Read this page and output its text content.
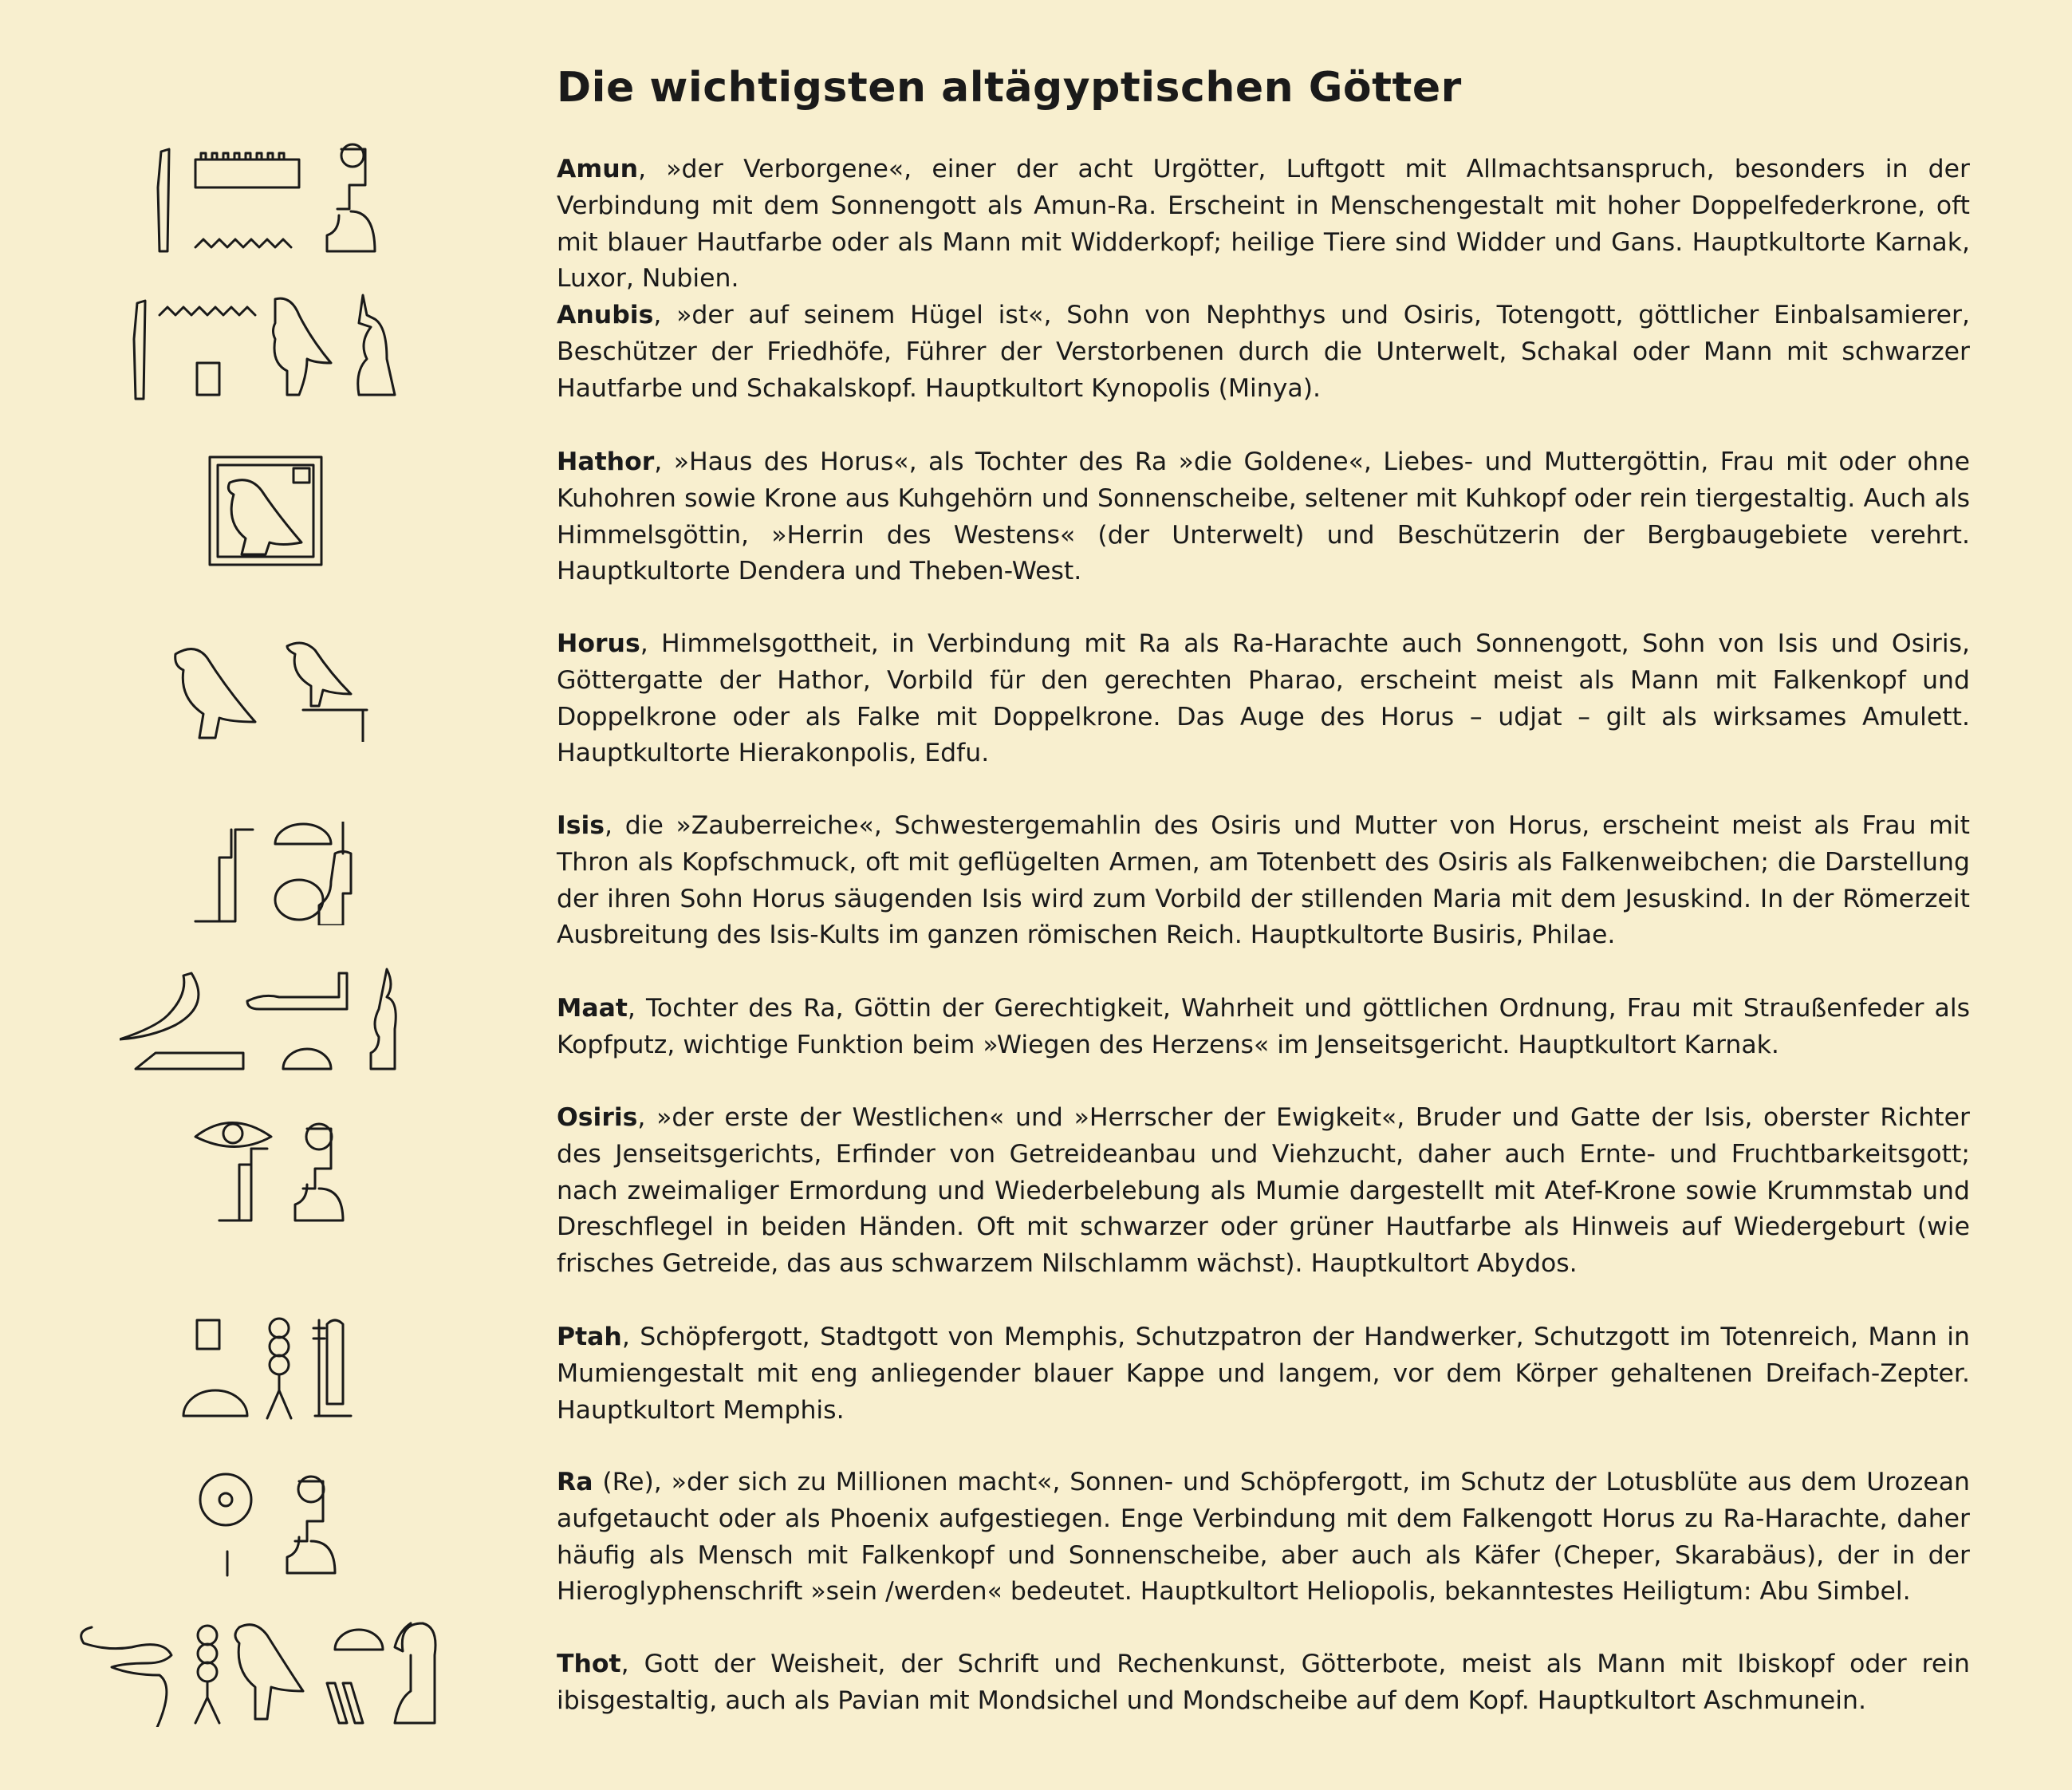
Die wichtigsten altägyptischen Götter

Amun, »der Verborgene«, einer der acht Urgötter, Luftgott mit Allmachtsanspruch, besonders in der Verbindung mit dem Sonnengott als Amun-Ra. Erscheint in Menschengestalt mit hoher Doppelfederkrone, oft mit blauer Hautfarbe oder als Mann mit Widderkopf; heilige Tiere sind Widder und Gans. Hauptkultorte Karnak, Luxor, Nubien.

Anubis, »der auf seinem Hügel ist«, Sohn von Nephthys und Osiris, Totengott, göttlicher Einbalsamierer, Beschützer der Friedhöfe, Führer der Verstorbenen durch die Unterwelt, Schakal oder Mann mit schwarzer Hautfarbe und Schakalskopf. Hauptkultort Kynopolis (Minya).

Hathor, »Haus des Horus«, als Tochter des Ra »die Goldene«, Liebes- und Muttergöttin, Frau mit oder ohne Kuhohren sowie Krone aus Kuhgehörn und Sonnenscheibe, seltener mit Kuhkopf oder rein tiergestaltig. Auch als Himmelsgöttin, »Herrin des Westens« (der Unterwelt) und Beschützerin der Bergbaugebiete verehrt. Hauptkultorte Dendera und Theben-West.

Horus, Himmelsgottheit, in Verbindung mit Ra als Ra-Harachte auch Sonnengott, Sohn von Isis und Osiris, Göttergatte der Hathor, Vorbild für den gerechten Pharao, erscheint meist als Mann mit Falkenkopf und Doppelkrone oder als Falke mit Doppelkrone. Das Auge des Horus – udjat – gilt als wirksames Amulett. Hauptkultorte Hierakonpolis, Edfu.

Isis, die »Zauberreiche«, Schwestergemahlin des Osiris und Mutter von Horus, erscheint meist als Frau mit Thron als Kopfschmuck, oft mit geflügelten Armen, am Totenbett des Osiris als Falkenweibchen; die Darstellung der ihren Sohn Horus säugenden Isis wird zum Vorbild der stillenden Maria mit dem Jesuskind. In der Römerzeit Ausbreitung des Isis-Kults im ganzen römischen Reich. Hauptkultorte Busiris, Philae.

Maat, Tochter des Ra, Göttin der Gerechtigkeit, Wahrheit und göttlichen Ordnung, Frau mit Straußenfeder als Kopfputz, wichtige Funktion beim »Wiegen des Herzens« im Jenseitsgericht. Hauptkultort Karnak.

Osiris, »der erste der Westlichen« und »Herrscher der Ewigkeit«, Bruder und Gatte der Isis, oberster Richter des Jenseitsgerichts, Erfinder von Getreideanbau und Viehzucht, daher auch Ernte- und Fruchtbarkeitsgott; nach zweimaliger Ermordung und Wiederbelebung als Mumie dargestellt mit Atef-Krone sowie Krummstab und Dreschflegel in beiden Händen. Oft mit schwarzer oder grüner Hautfarbe als Hinweis auf Wiedergeburt (wie frisches Getreide, das aus schwarzem Nilschlamm wächst). Hauptkultort Abydos.

Ptah, Schöpfergott, Stadtgott von Memphis, Schutzpatron der Handwerker, Schutzgott im Totenreich, Mann in Mumiengestalt mit eng anliegender blauer Kappe und langem, vor dem Körper gehaltenen Dreifach-Zepter. Hauptkultort Memphis.

Ra (Re), »der sich zu Millionen macht«, Sonnen- und Schöpfergott, im Schutz der Lotusblüte aus dem Urozean aufgetaucht oder als Phoenix aufgestiegen. Enge Verbindung mit dem Falkengott Horus zu Ra-Harachte, daher häufig als Mensch mit Falkenkopf und Sonnenscheibe, aber auch als Käfer (Cheper, Skarabäus), der in der Hieroglyphenschrift »sein /werden« bedeutet. Hauptkultort Heliopolis, bekanntestes Heiligtum: Abu Simbel.

Thot, Gott der Weisheit, der Schrift und Rechenkunst, Götterbote, meist als Mann mit Ibiskopf oder rein ibisgestaltig, auch als Pavian mit Mondsichel und Mondscheibe auf dem Kopf. Hauptkultort Aschmunein.
